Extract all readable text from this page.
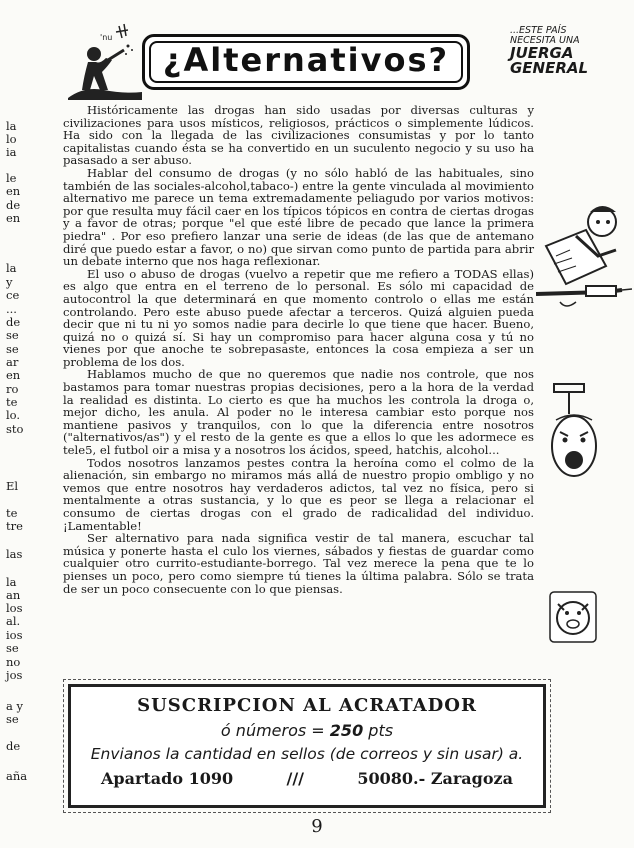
la
lo
ia
le
en
de
en
la
y
ce
...
de
se
se
ar
en
ro
te
lo.
sto
El
te
tre
las
la
an
los
al.
ios
se
no
jos
a y
se
de
aña
'nu
¿Alternativos?
...ESTE PAÍS NECESITA UNA
JUERGA GENERAL

Históricamente las drogas han sido usadas por diversas culturas y civilizaciones para usos místicos, religiosos, prácticos o simplemente lúdicos. Ha sido con la llegada de las civilizaciones consumistas y por lo tanto capitalistas cuando ésta se ha convertido en un suculento negocio y su uso ha pasasado a ser abuso.

Hablar del consumo de drogas (y no sólo habló de las habituales, sino también de las sociales-alcohol,tabaco-) entre la gente vinculada al movimiento alternativo me parece un tema extremadamente peliagudo por varios motivos: por que resulta muy fácil caer en los típicos tópicos en contra de ciertas drogas y a favor de otras; porque "el que esté libre de pecado que lance la primera piedra" . Por eso prefiero lanzar una serie de ideas (de las que de antemano diré que puedo estar a favor, o no) que sirvan como punto de partida para abrir un debate interno que nos haga reflexionar.

El uso o abuso de drogas (vuelvo a repetir que me refiero a TODAS ellas) es algo que entra en el terreno de lo personal. Es sólo mi capacidad de autocontrol la que determinará en que momento controlo o ellas me están controlando. Pero este abuso puede afectar a terceros. Quizá alguien pueda decir que ni tu ni yo somos nadie para decirle lo que tiene que hacer. Bueno, quizá no o quizá sí. Si hay un compromiso para hacer alguna cosa y tú no vienes por que anoche te sobrepasaste, entonces la cosa empieza a ser un problema de los dos.

Hablamos mucho de que no queremos que nadie nos controle, que nos bastamos para tomar nuestras propias decisiones, pero a la hora de la verdad la realidad es distinta. Lo cierto es que ha muchos les controla la droga o, mejor dicho, les anula. Al poder no le interesa cambiar esto porque nos mantiene pasivos y tranquilos, con lo que la diferencia entre nosotros ("alternativos/as") y el resto de la gente es que a ellos lo que les adormece es tele5, el futbol oir a misa y a nosotros los ácidos, speed, hatchis, alcohol...

Todos nosotros lanzamos pestes contra la heroína como el colmo de la alienación, sin embargo no miramos más allá de nuestro propio ombligo y no vemos que entre nosotros hay verdaderos adictos, tal vez no física, pero si mentalmente a otras sustancia, y lo que es peor se llega a relacionar el consumo de ciertas drogas con el grado de radicalidad del individuo. ¡Lamentable!

Ser alternativo para nada significa vestir de tal manera, escuchar tal música y ponerte hasta el culo los viernes, sábados y fiestas de guardar como cualquier otro currito-estudiante-borrego. Tal vez merece la pena que te lo pienses un poco, pero como siempre tú tienes la última palabra. Sólo se trata de ser un poco consecuente con lo que piensas.

SUSCRIPCION AL ACRATADOR
ó números = 250 pts
Envianos la cantidad en sellos (de correos y sin usar) a.
Apartado 1090	///	50080.- Zaragoza
9
